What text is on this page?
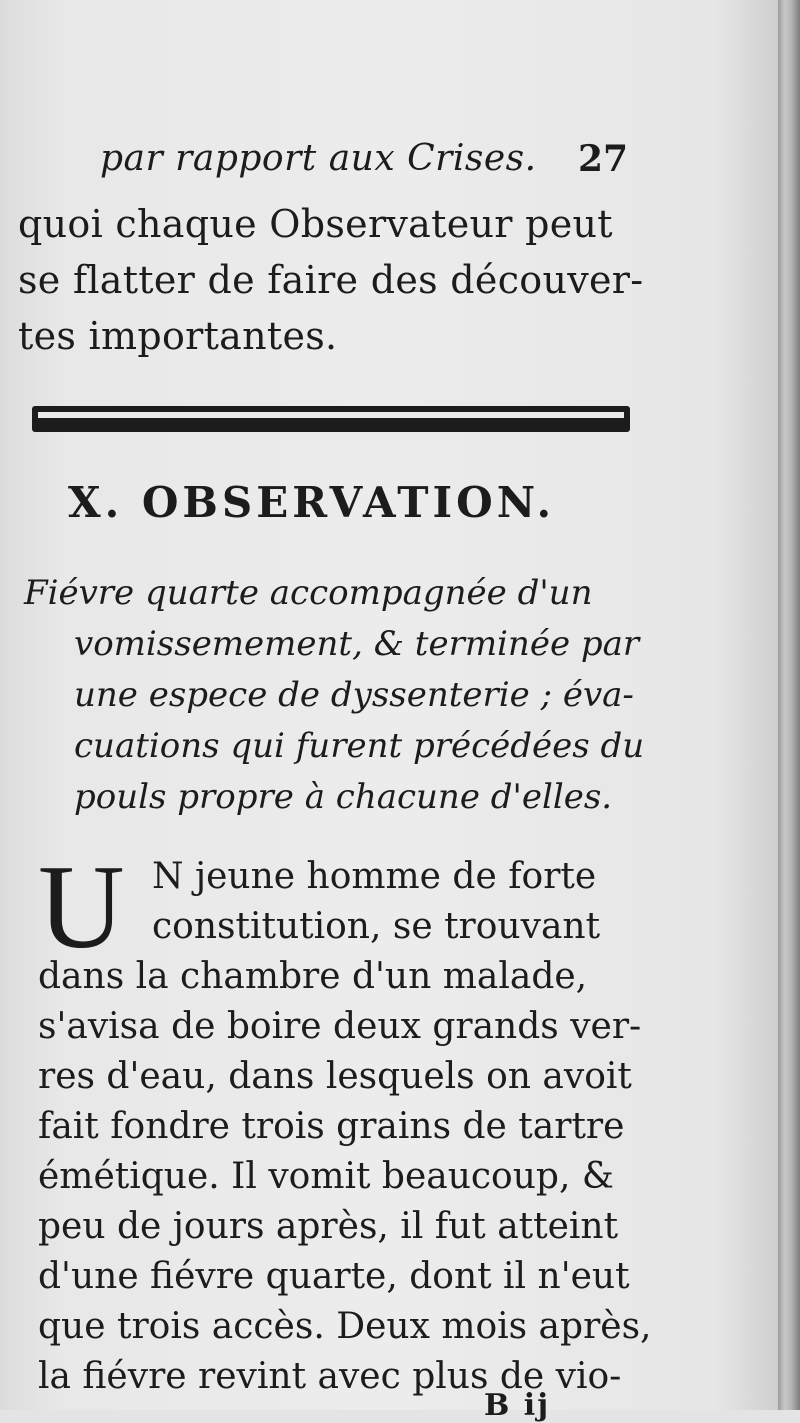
par rapport aux Crises. 27
quoi chaque Observateur peut
se flatter de faire des découver-
tes importantes.
X. OBSERVATION.
Fiévre quarte accompagnée d'un
vomissemement, & terminée par
une espece de dyssenterie ; éva-
cuations qui furent précédées du
pouls propre à chacune d'elles.
U N jeune homme de forte
constitution, se trouvant
dans la chambre d'un malade,
s'avisa de boire deux grands ver-
res d'eau, dans lesquels on avoit
fait fondre trois grains de tartre
émétique. Il vomit beaucoup, &
peu de jours après, il fut atteint
d'une fiévre quarte, dont il n'eut
que trois accès. Deux mois après,
la fiévre revint avec plus de vio-
B ij
